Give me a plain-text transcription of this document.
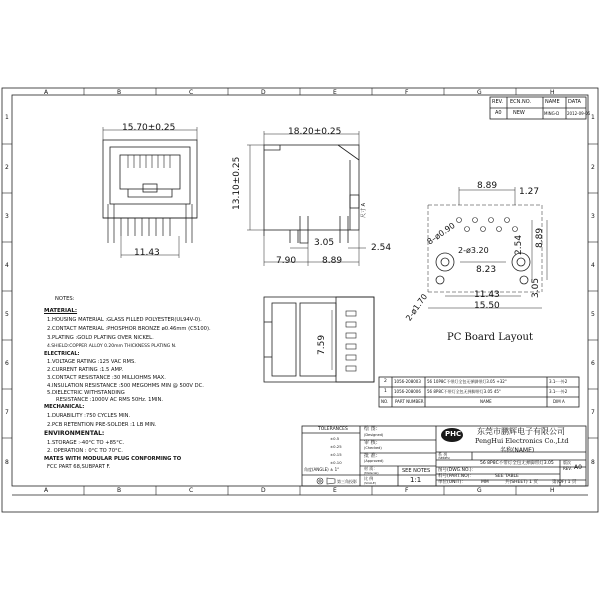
A	B	C	D	E	F	G	H
A	B	C	D	E	F	G	H
1
2
3
4
5
6
7
8
1
2
3
4
5
6
7
8
REV. ECN.NO.	NAME DATA
A0 NEW	MING-D 2012-09-05
15.70±0.25
11.43
18.20±0.25
13.10±0.25
3.05	2.54
7.90	8.89
尺寸 A
7.59
8.89
1.27
8–ø0.90
2-ø3.20	2.54 8.89
8.23
11.43
15.50
3.05
2-ø1.70
PC Board Layout
NOTES:
MATERIAL:
1.HOUSING MATERIAL :GLASS FILLED POLYESTER(UL94V-0).
2.CONTACT MATERIAL :PHOSPHOR BRONZE ø0.46mm (C5100).
3.PLATING :GOLD PLATING OVER NICKEL.
4.SHIELD:COPPER ALLOY 0.20mm THICKNESS PLATING N.
ELECTRICAL:
1.VOLTAGE RATING :125 VAC RMS.
2.CURRENT RATING :1.5 AMP.
3.CONTACT RESISTANCE :30 MILLIOHMS MAX.
4.INSULATION RESISTANCE :500 MEGOHMS MIN @ 500V DC.
5.DIELECTRIC WITHSTANDING
RESISTANCE :1000V AC RMS 50Hz. 1MIN.
MECHANICAL:
1.DURABILITY :750 CYCLES MIN.
2.PCB RETENTION PRE-SOLDER :1 LB MIN.
ENVIRONMENTAL:
1.STORAGE :-40°C TO +85°C.
2. OPERATION : 0°C TO 70°C.
MATES WITH MODULAR PLUG CONFORMING TO
FCC PART 68,SUBPART F.
2 1056-208003 56 10P8C不带灯全包无弹脚带灯3.05 +32°	3.1-一外2
1 1056-208006 56 8P8C不带灯全包无弹脚带灯3.05 45°	3.1-一外2
NO. PART NUMBER	NAME	DIM A
TOLERANCES
±0.5
±0.25
±0.15
±0.10
角度(ANGLE) ± 1°
第三角投影
绘 图：
(Designed)
审 核：
(Checked)
批 准：
(Approved)
材 质：
(Material)	SEE NOTES
比 例
(SCALE)	1:1
PHC 东莞市鹏辉电子有限公司
PengHui Electronics Co.,Ltd
名称(NAME)
系 列
(SERIES)
56 8P8C不带灯全包无弹脚带灯3.05
图号(DWG.NO.)：
料号(PART.NO)：	SEE TABLE
版次
REV. A0
单位(UNIT)：	MM	共(SHEET) 1 页	第(OF) 1 页
